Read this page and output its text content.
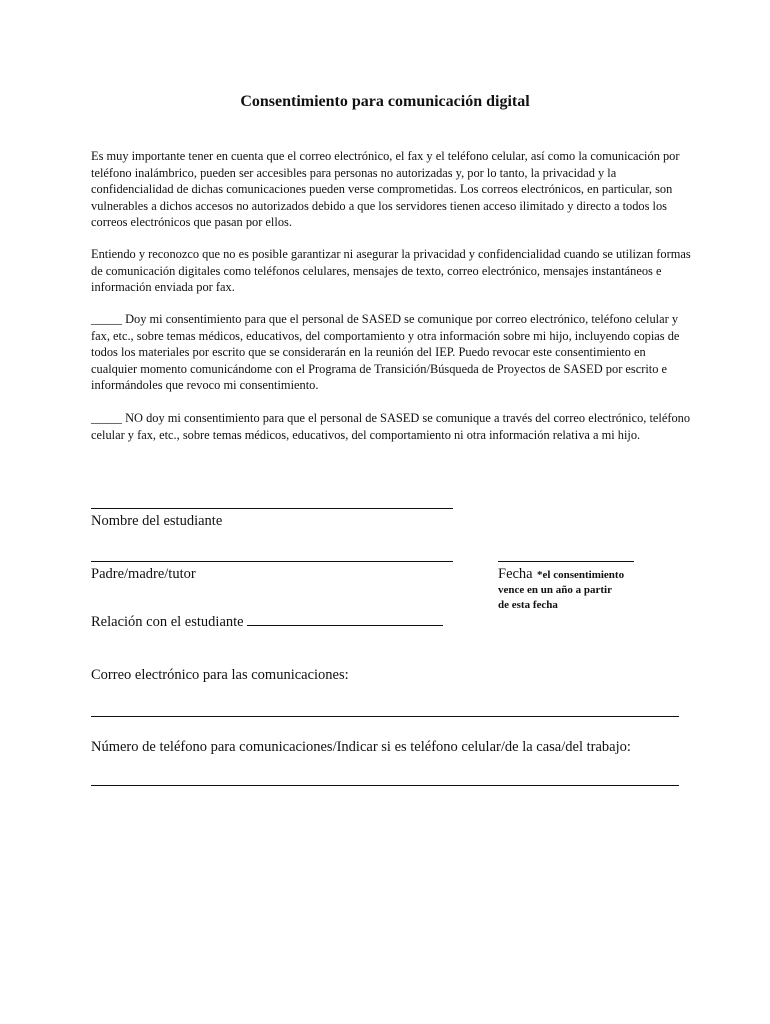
Consentimiento para comunicación digital
Es muy importante tener en cuenta que el correo electrónico, el fax y el teléfono celular, así como la comunicación por teléfono inalámbrico, pueden ser accesibles para personas no autorizadas y, por lo tanto, la privacidad y la confidencialidad de dichas comunicaciones pueden verse comprometidas. Los correos electrónicos, en particular, son vulnerables a dichos accesos no autorizados debido a que los servidores tienen acceso ilimitado y directo a todos los correos electrónicos que pasan por ellos.
Entiendo y reconozco que no es posible garantizar ni asegurar la privacidad y confidencialidad cuando se utilizan formas de comunicación digitales como teléfonos celulares, mensajes de texto, correo electrónico, mensajes instantáneos e información enviada por fax.
_____ Doy mi consentimiento para que el personal de SASED se comunique por correo electrónico, teléfono celular y fax, etc., sobre temas médicos, educativos, del comportamiento y otra información sobre mi hijo, incluyendo copias de todos los materiales por escrito que se considerarán en la reunión del IEP. Puedo revocar este consentimiento en cualquier momento comunicándome con el Programa de Transición/Búsqueda de Proyectos de SASED por escrito e informándoles que revoco mi consentimiento.
_____ NO doy mi consentimiento para que el personal de SASED se comunique a través del correo electrónico, teléfono celular y fax, etc., sobre temas médicos, educativos, del comportamiento ni otra información relativa a mi hijo.
Nombre del estudiante
Padre/madre/tutor	Fecha *el consentimiento
vence en un año a partir
de esta fecha
Relación con el estudiante
Correo electrónico para las comunicaciones:
Número de teléfono para comunicaciones/Indicar si es teléfono celular/de la casa/del trabajo:
